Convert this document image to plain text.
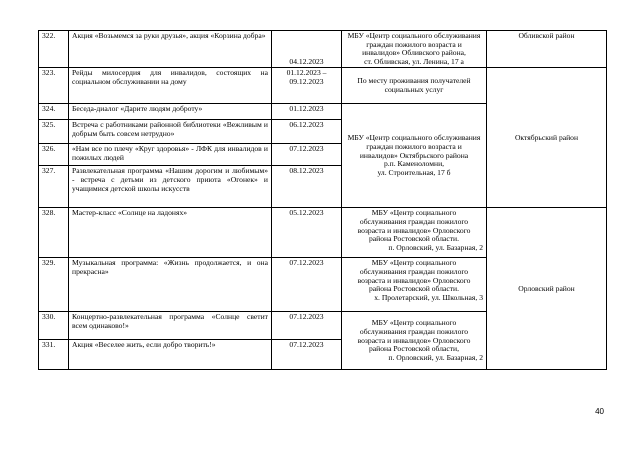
322.	Акция «Возьмемся за руки друзья», акция «Корзина добра»	04.12.2023	МБУ «Центр социального обслуживания
граждан пожилого возраста и
инвалидов» Обливского района,
ст. Обливская, ул. Ленина, 17 а	Обливской район
323.	Рейды милосердия для инвалидов, состоящих на социальном обслуживании на дому	01.12.2023 – 09.12.2023	По месту проживания получателей
социальных услуг	Октябрьский район
324.	Беседа-диалог «Дарите людям доброту»	01.12.2023	МБУ «Центр социального обслуживания
граждан пожилого возраста и
инвалидов» Октябрьского района
р.п. Каменоломни,
ул. Строительная, 17 б	

325.	Встреча с работниками районной библиотеки «Вежливым и добрым быть совсем нетрудно»	06.12.2023		
326.	«Нам все по плечу «Круг здоровья» - ЛФК для инвалидов и пожилых людей	07.12.2023		
327.	Развлекательная программа «Нашим дорогим и любимым» - встреча с детьми из детского приюта «Огонек» и учащимися детской школы искусств	08.12.2023		
328.	Мастер-класс «Солнце на ладонях»	05.12.2023	МБУ «Центр социального
обслуживания граждан пожилого
возраста и инвалидов» Орловского
района Ростовской области.
п. Орловский, ул. Базарная, 2	Орловский район
329.	Музыкальная программа: «Жизнь продолжается, и она прекрасна»	07.12.2023	МБУ «Центр социального
обслуживания граждан пожилого
возраста и инвалидов» Орловского
района Ростовской области.
х. Пролетарский, ул. Школьная, 3	

330.	Концертно-развлекательная программа «Солнце светит всем одинаково!»	07.12.2023	МБУ «Центр социального
обслуживания граждан пожилого
возраста и инвалидов» Орловского
района Ростовской области,
п. Орловский, ул. Базарная, 2	

331.	Акция «Веселее жить, если добро творить!»	07.12.2023		
40
